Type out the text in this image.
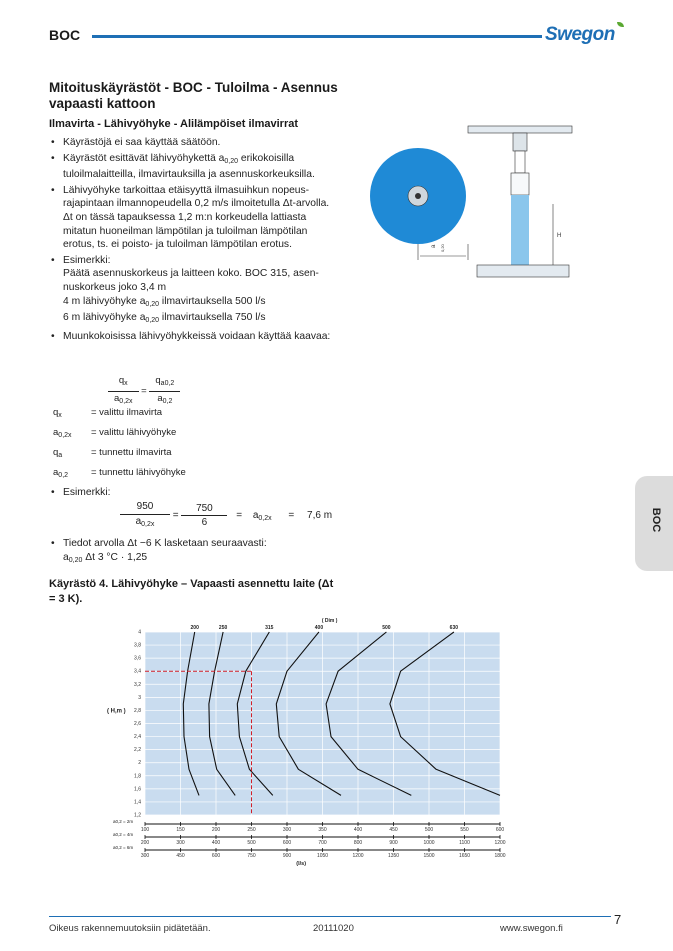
BOC	Swegon
BOC
Mitoituskäyrästöt - BOC - Tuloilma - Asennus vapaasti kattoon
Ilmavirta - Lähivyöhyke - Alilämpöiset ilmavirrat
• Käyrästöjä ei saa käyttää säätöön.
• Käyrästöt esittävät lähivyöhykettä a0,20 erikokoisilla tuloilmalaitteilla, ilmavirtauksilla ja asennuskorkeuksilla.
• Lähivyöhyke tarkoittaa etäisyyttä ilmasuihkun nopeus-rajapintaan ilmannopeudella 0,2 m/s ilmoitetulla Δt-arvolla. Δt on tässä tapauksessa 1,2 m:n korkeudella lattiasta mitatun huoneilman lämpötilan ja tuloilman lämpötilan erotus, ts. ei poisto- ja tuloilman lämpötilan erotus.
• Esimerkki:
Päätä asennuskorkeus ja laitteen koko. BOC 315, asen-nuskorkeus joko 3,4 m
4 m lähivyöhyke a0,20 ilmavirtauksella 500 l/s
6 m lähivyöhyke a0,20 ilmavirtauksella 750 l/s
• Muunkokoisissa lähivyöhykkeissä voidaan käyttää kaavaa:
$\frac{q_x}{a_{0,2x}} = \frac{q_{a0,2}}{a_{0,2}}$
$q_x$	= valittu ilmavirta
$a_{0,2x}$ = valittu lähivyöhyke
$q_a$	= tunnettu ilmavirta
$a_{0,2}$ = tunnettu lähivyöhyke
• Esimerkki:
$\frac{950}{a_{0,2x}} = \frac{750}{6} = a_{0,2x} = 7,6$ m
• Tiedot arvolla Δt −6 K lasketaan seuraavasti:
a0,20 Δt 3 °C · 1,25
Käyrästö 4. Lähivyöhyke – Vapaasti asennettu laite (Δt = 3 K).
a 0,20
H
4
3,8
3,6
3,4
3,2
3
2,8
2,6
2,4
2,2
2
1,8
1,6
1,4
1,2
( H,m )
( Dim )
200	250	315	400	500	630
a0,2 = 2m
100	150	200	250	300	350	400	450	500	550	600
a0,2 = 4m
200	300	400	500	600	700	800	900	1000	1100	1200
a0,2 = 6m
300	450	600	750	900	1050	1200	1350	1500	1650	1800
(l/s)
Oikeus rakennemuutoksiin pidätetään.	20111020	www.swegon.fi
7
